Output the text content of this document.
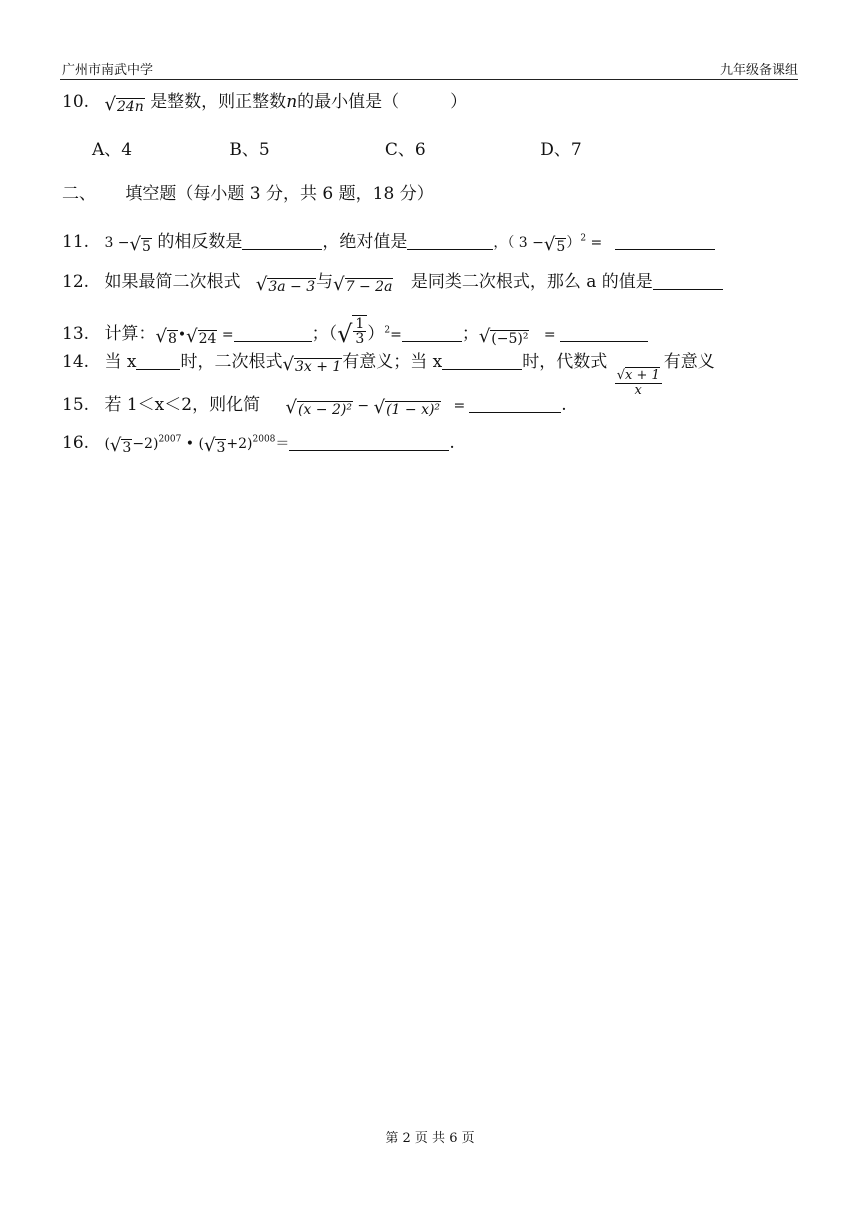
广州市南武中学	九年级备课组
10. √ 24n 是整数，则正整数n的最小值是（　　　）
A、4	B、5	C、6	D、7
二、 填空题（每小题 3 分，共 6 题，18 分）
11. 3 − √ 5 的相反数是	，绝对值是	，（ 3 − √ 5 ）$^2$ =
12. 如果最简二次根式 √ 3a − 3 与 √ 7 − 2a 是同类二次根式，那么 a 的值是
13. 计算： √ 8 • √ 24 =	；（ √ $\frac{1}{3} )^2=$	； √ (−5)² =
14. 当 x	时，二次根式 √ 3x + 1 有意义；当 x	时，代数式
$\frac{√x + 1}{x}$
有意义
15. 若 1＜x＜2，则化简 √ (x − 2)² − √ (1 − x)² =	.
16. ( √ 3 −2)$^{2007}$ • ( √ 3 +2)$^{2008}$＝	.
第 2 页 共 6 页
